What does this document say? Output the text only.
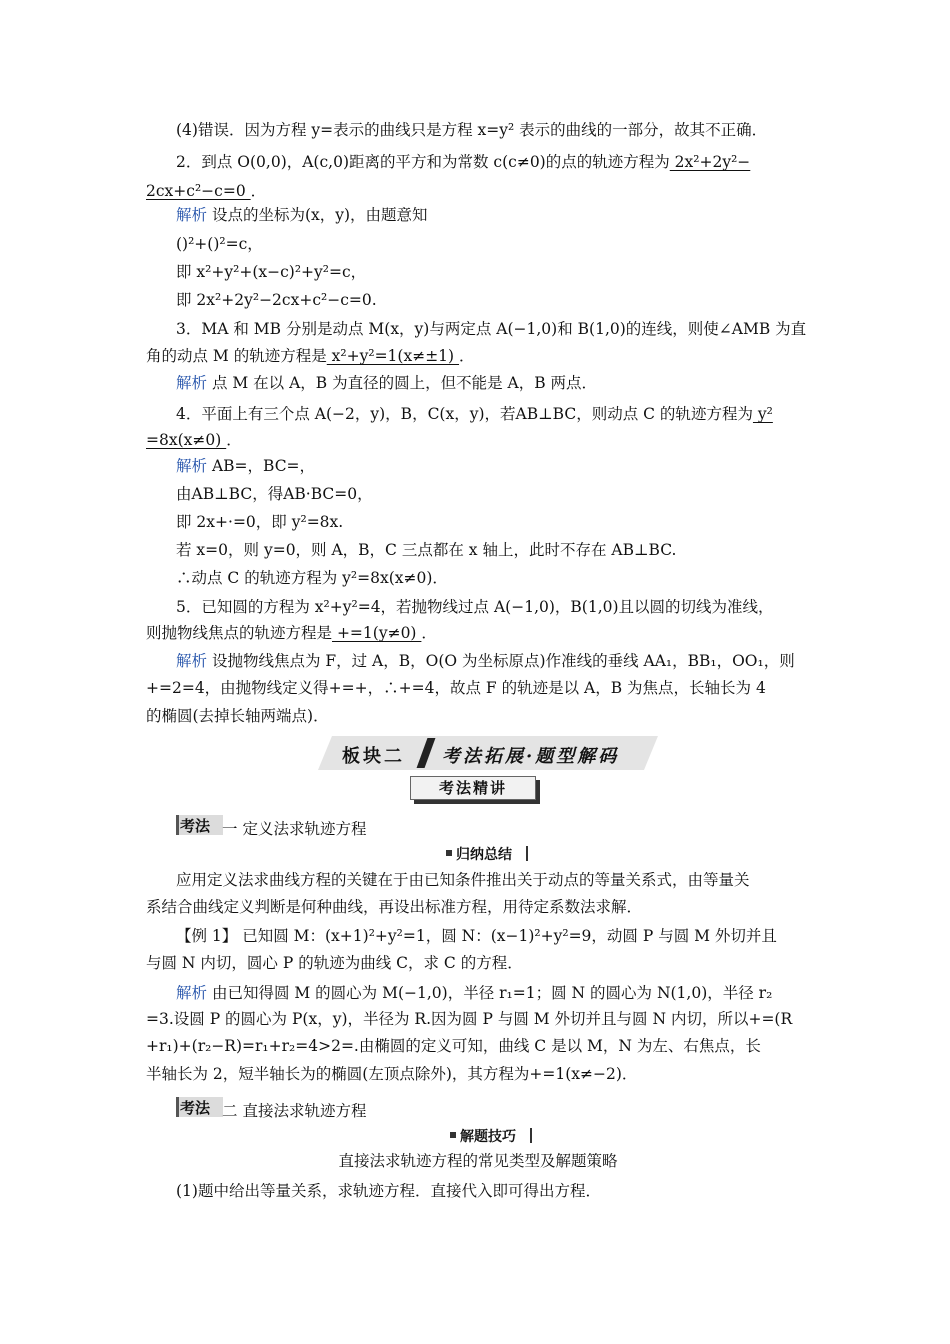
(4)错误．因为方程 y=表示的曲线只是方程 x=y² 表示的曲线的一部分，故其不正确．
2．到点 O(0,0)，A(c,0)距离的平方和为常数 c(c≠0)的点的轨迹方程为 2x²+2y²−
2cx+c²−c=0 ．
解析 设点的坐标为(x，y)，由题意知
()²+()²=c，
即 x²+y²+(x−c)²+y²=c，
即 2x²+2y²−2cx+c²−c=0.
3．MA 和 MB 分别是动点 M(x，y)与两定点 A(−1,0)和 B(1,0)的连线，则使∠AMB 为直
角的动点 M 的轨迹方程是 x²+y²=1(x≠±1) ．
解析 点 M 在以 A，B 为直径的圆上，但不能是 A，B 两点．
4．平面上有三个点 A(−2，y)，B，C(x，y)，若AB⊥BC，则动点 C 的轨迹方程为 y²
=8x(x≠0) ．
解析 AB=，BC=，
由AB⊥BC，得AB·BC=0，
即 2x+·=0，即 y²=8x.
若 x=0，则 y=0，则 A，B，C 三点都在 x 轴上，此时不存在 AB⊥BC.
∴动点 C 的轨迹方程为 y²=8x(x≠0)．
5．已知圆的方程为 x²+y²=4，若抛物线过点 A(−1,0)，B(1,0)且以圆的切线为准线，
则抛物线焦点的轨迹方程是 +=1(y≠0) ．
解析 设抛物线焦点为 F，过 A，B，O(O 为坐标原点)作准线的垂线 AA₁，BB₁，OO₁，则
+=2=4，由抛物线定义得+=+，∴+=4，故点 F 的轨迹是以 A，B 为焦点，长轴长为 4
的椭圆(去掉长轴两端点)．
板块二 考法拓展·题型解码
考法精讲
考法 一 定义法求轨迹方程
归纳总结
应用定义法求曲线方程的关键在于由已知条件推出关于动点的等量关系式，由等量关
系结合曲线定义判断是何种曲线，再设出标准方程，用待定系数法求解．
【例 1】 已知圆 M：(x+1)²+y²=1，圆 N：(x−1)²+y²=9，动圆 P 与圆 M 外切并且
与圆 N 内切，圆心 P 的轨迹为曲线 C，求 C 的方程．
解析 由已知得圆 M 的圆心为 M(−1,0)，半径 r₁=1；圆 N 的圆心为 N(1,0)，半径 r₂
=3.设圆 P 的圆心为 P(x，y)，半径为 R.因为圆 P 与圆 M 外切并且与圆 N 内切，所以+=(R
+r₁)+(r₂−R)=r₁+r₂=4>2=.由椭圆的定义可知，曲线 C 是以 M，N 为左、右焦点，长
半轴长为 2，短半轴长为的椭圆(左顶点除外)，其方程为+=1(x≠−2)．
考法 二 直接法求轨迹方程
解题技巧
直接法求轨迹方程的常见类型及解题策略
(1)题中给出等量关系，求轨迹方程．直接代入即可得出方程．
